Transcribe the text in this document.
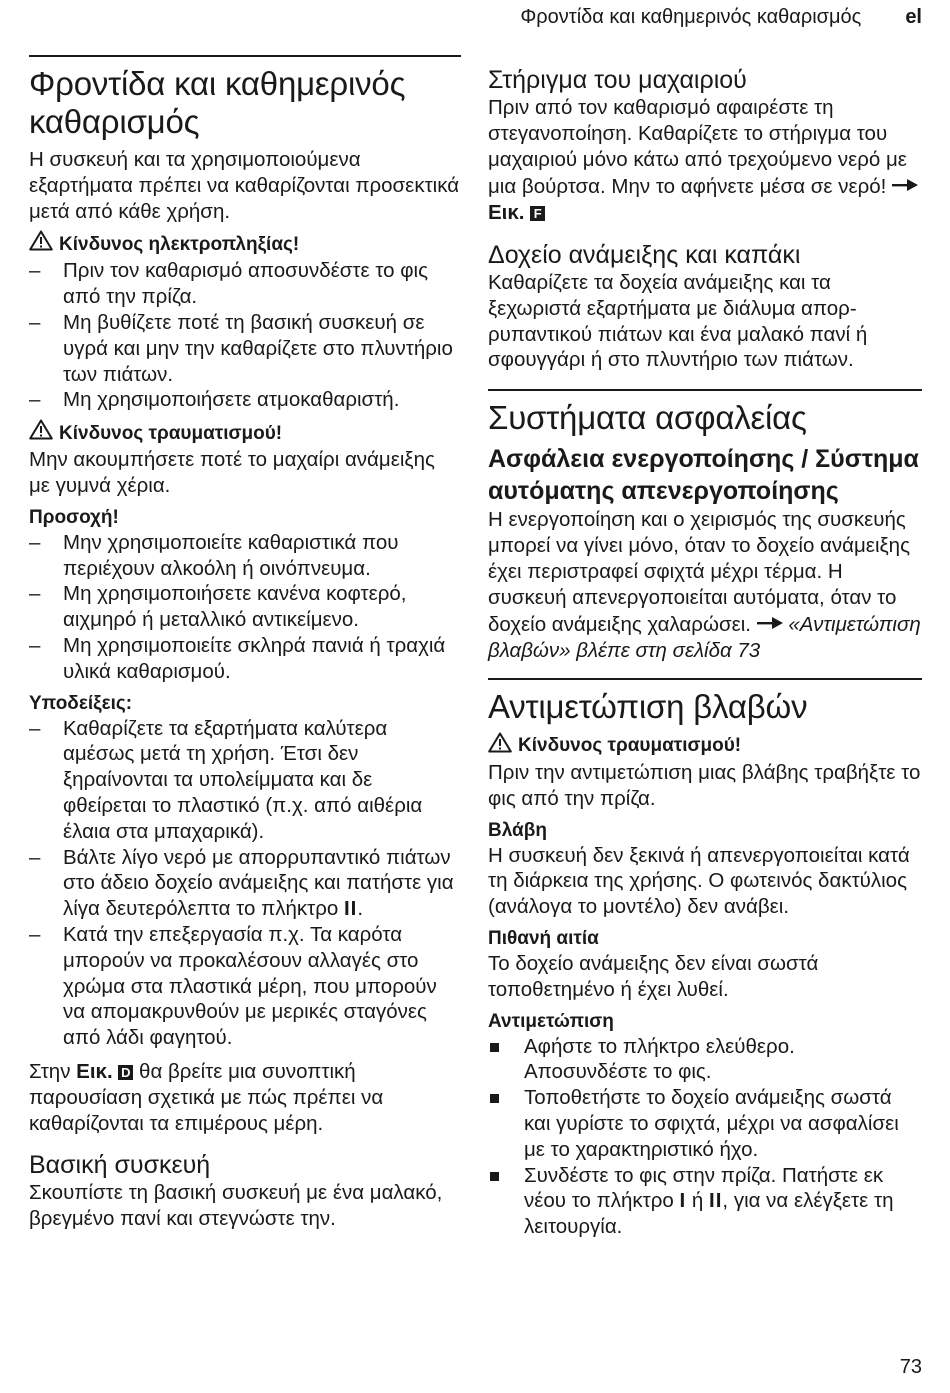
Φροντίδα και καθημερινός καθαρισμός el
Φροντίδα και καθημερινός καθαρισμός

Η συσκευή και τα χρησιμοποιούμενα εξαρτήματα πρέπει να καθαρίζονται προσεκτικά μετά από κάθε χρήση.

Κίνδυνος ηλεκτροπληξίας!
– Πριν τον καθαρισμό αποσυνδέστε το φις από την πρίζα.
– Μη βυθίζετε ποτέ τη βασική συσκευή σε υγρά και μην την καθαρίζετε στο πλυντήριο των πιάτων.
– Μη χρησιμοποιήσετε ατμοκαθαριστή.
Κίνδυνος τραυματισμού!

Μην ακουμπήσετε ποτέ το μαχαίρι ανάμειξης με γυμνά χέρια.

Προσοχή!
– Μην χρησιμοποιείτε καθαριστικά που περιέχουν αλκοόλη ή οινόπνευμα.
– Μη χρησιμοποιήσετε κανένα κοφτερό, αιχμηρό ή μεταλλικό αντικείμενο.
– Μη χρησιμοποιείτε σκληρά πανιά ή τραχιά υλικά καθαρισμού.
Υποδείξεις:
– Καθαρίζετε τα εξαρτήματα καλύτερα αμέσως μετά τη χρήση. Έτσι δεν ξηραίνονται τα υπολείμματα και δε φθείρεται το πλαστικό (π.χ. από αιθέρια έλαια στα μπαχαρικά).
– Βάλτε λίγο νερό με απορρυπαντικό πιάτων στο άδειο δοχείο ανάμειξης και πατήστε για λίγα δευτερόλεπτα το πλήκτρο II.
– Κατά την επεξεργασία π.χ. Τα καρότα μπορούν να προκαλέσουν αλλαγές στο χρώμα στα πλαστικά μέρη, που μπορούν να απομακρυνθούν με μερικές σταγόνες από λάδι φαγητού.

Στην Εικ. D θα βρείτε μια συνοπτική παρουσίαση σχετικά με πώς πρέπει να καθαρίζονται τα επιμέρους μέρη.

Βασική συσκευή

Σκουπίστε τη βασική συσκευή με ένα μαλακό, βρεγμένο πανί και στεγνώστε την.

Στήριγμα του μαχαιριού

Πριν από τον καθαρισμό αφαιρέστε τη στεγανοποίηση. Καθαρίζετε το στήριγμα του μαχαιριού μόνο κάτω από τρεχούμενο νερό με μια βούρτσα. Μην το αφήνετε μέσα σε νερό!  Εικ. F

Δοχείο ανάμειξης και καπάκι

Καθαρίζετε τα δοχεία ανάμειξης και τα ξεχωριστά εξαρτήματα με διάλυμα απορ-ρυπαντικού πιάτων και ένα μαλακό πανί ή σφουγγάρι ή στο πλυντήριο των πιάτων.

Συστήματα ασφαλείας
Ασφάλεια ενεργοποίησης / Σύστημα αυτόματης απενεργοποίησης

Η ενεργοποίηση και ο χειρισμός της συσκευής μπορεί να γίνει μόνο, όταν το δοχείο ανάμειξης έχει περιστραφεί σφιχτά μέχρι τέρμα. Η συσκευή απενεργοποιείται αυτόματα, όταν το δοχείο ανάμειξης χαλαρώσει.  «Αντιμετώπιση βλαβών» βλέπε στη σελίδα 73

Αντιμετώπιση βλαβών
Κίνδυνος τραυματισμού!

Πριν την αντιμετώπιση μιας βλάβης τραβήξτε το φις από την πρίζα.

Βλάβη

Η συσκευή δεν ξεκινά ή απενεργοποιείται κατά τη διάρκεια της χρήσης. Ο φωτεινός δακτύλιος (ανάλογα το μοντέλο) δεν ανάβει.

Πιθανή αιτία

Το δοχείο ανάμειξης δεν είναι σωστά τοποθετημένο ή έχει λυθεί.

Αντιμετώπιση
Αφήστε το πλήκτρο ελεύθερο. Αποσυνδέστε το φις.
Τοποθετήστε το δοχείο ανάμειξης σωστά και γυρίστε το σφιχτά, μέχρι να ασφαλίσει με το χαρακτηριστικό ήχο.
Συνδέστε το φις στην πρίζα. Πατήστε εκ νέου το πλήκτρο I ή II, για να ελέγξετε τη λειτουργία.
73
